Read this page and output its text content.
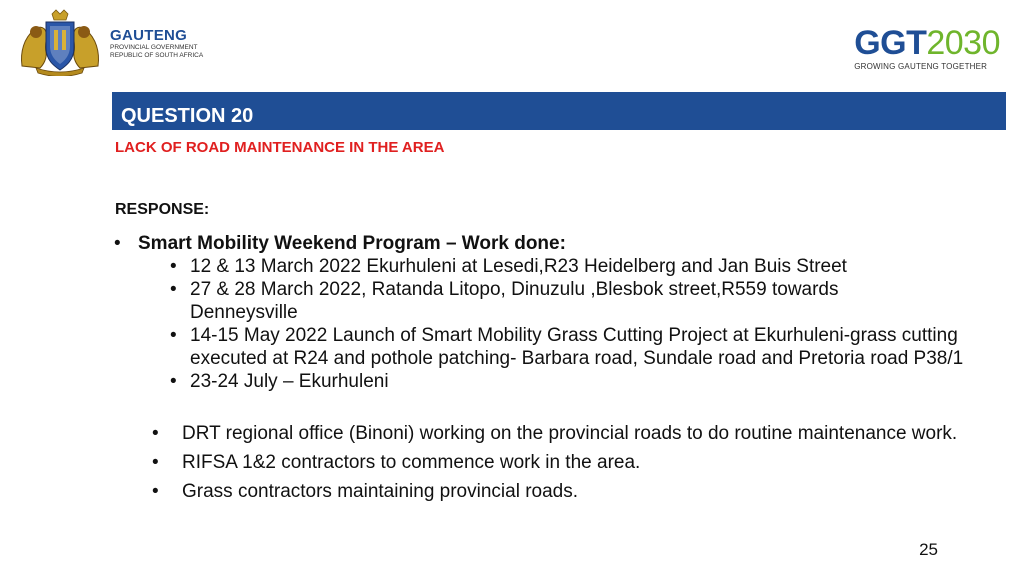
GAUTENG
PROVINCIAL GOVERNMENT
REPUBLIC OF SOUTH AFRICA	GGT2030
GROWING GAUTENG TOGETHER
QUESTION 20
LACK OF ROAD MAINTENANCE IN THE AREA
RESPONSE:
• Smart Mobility Weekend Program – Work done:
• 12 & 13 March 2022 Ekurhuleni at Lesedi,R23 Heidelberg and Jan Buis Street
• 27 & 28 March 2022, Ratanda Litopo, Dinuzulu ,Blesbok street,R559 towards Denneysville
• 14-15 May 2022 Launch of Smart Mobility Grass Cutting Project at Ekurhuleni-grass cutting executed at R24 and pothole patching- Barbara road, Sundale road and Pretoria road P38/1
• 23-24 July – Ekurhuleni
• DRT regional office (Binoni) working on the provincial roads to do routine maintenance work.
• RIFSA 1&2 contractors to commence work in the area.
• Grass contractors maintaining provincial roads.
25
